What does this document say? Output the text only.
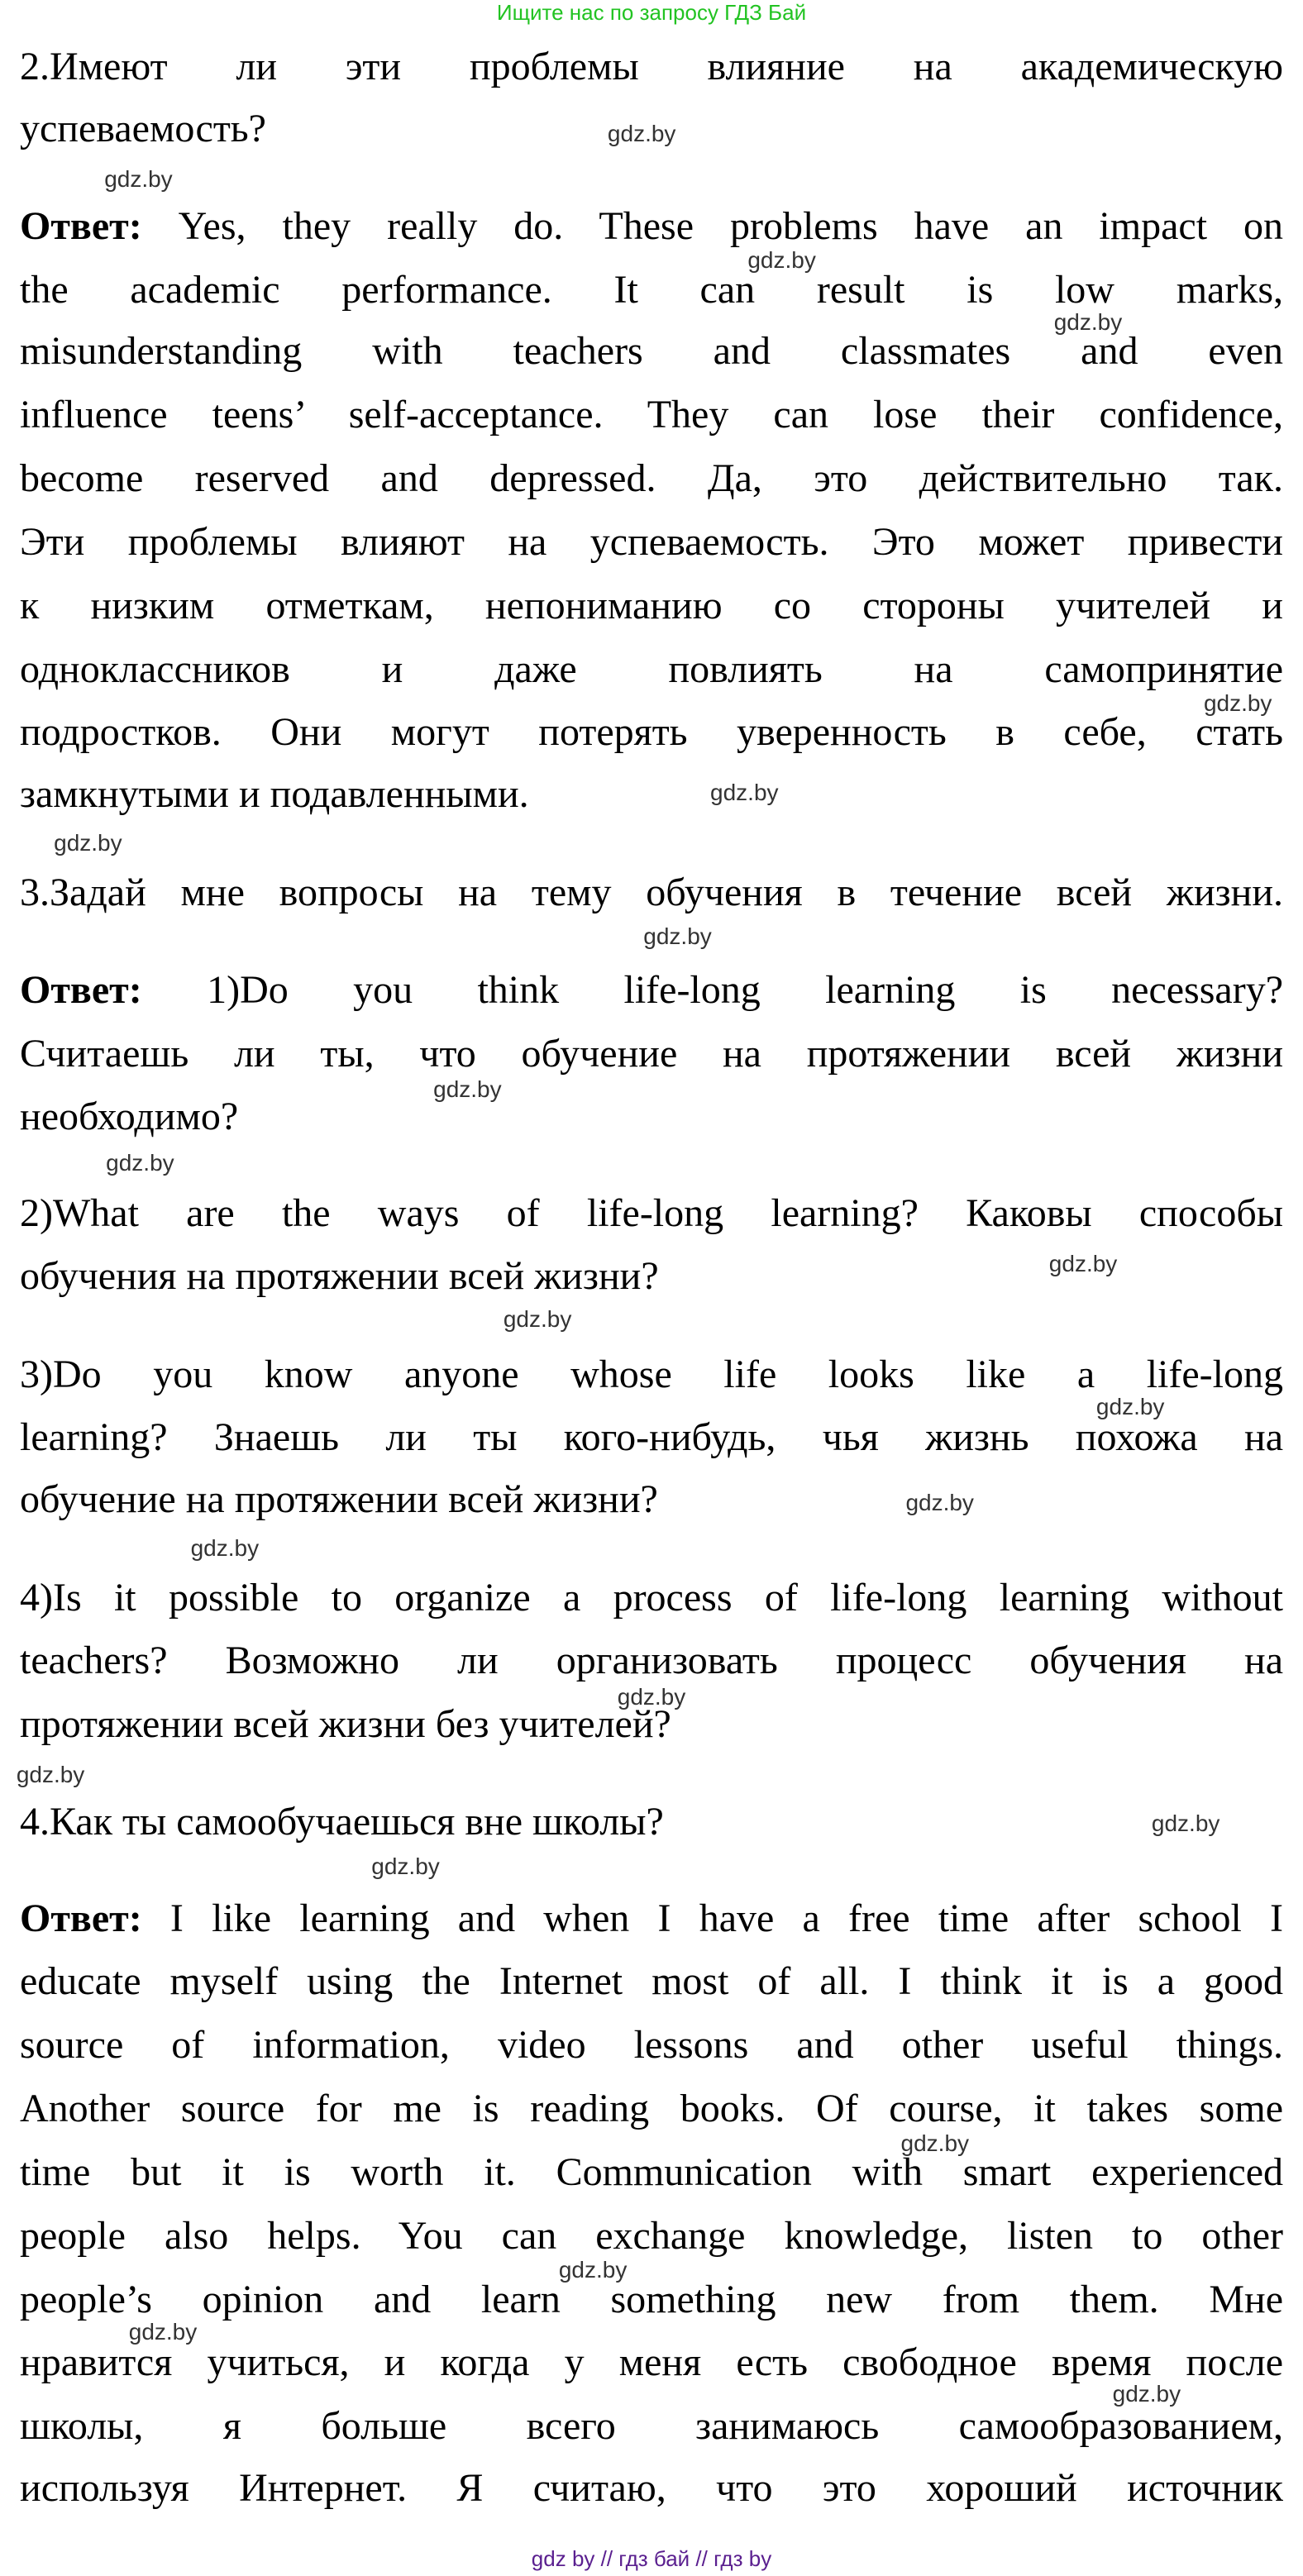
Ищите нас по запросу ГДЗ Бай
2.Имеют ли эти проблемы влияние на академическую
успеваемость?
Ответ: Yes, they really do. These problems have an impact on
the academic performance. It can result is low marks,
misunderstanding with teachers and classmates and even
influence teens’ self-acceptance. They can lose their confidence,
become reserved and depressed. Да, это действительно так.
Эти проблемы влияют на успеваемость. Это может привести
к низким отметкам, непониманию со стороны учителей и
одноклассников и даже повлиять на самопринятие
подростков. Они могут потерять уверенность в себе, стать
замкнутыми и подавленными.
3.Задай мне вопросы на тему обучения в течение всей жизни.
Ответ: 1)Do you think life-long learning is necessary?
Считаешь ли ты, что обучение на протяжении всей жизни
необходимо?
2)What are the ways of life-long learning? Каковы способы
обучения на протяжении всей жизни?
3)Do you know anyone whose life looks like a life-long
learning? Знаешь ли ты кого-нибудь, чья жизнь похожа на
обучение на протяжении всей жизни?
4)Is it possible to organize a process of life-long learning without
teachers? Возможно ли организовать процесс обучения на
протяжении всей жизни без учителей?
4.Как ты самообучаешься вне школы?
Ответ: I like learning and when I have a free time after school I
educate myself using the Internet most of all. I think it is a good
source of information, video lessons and other useful things.
Another source for me is reading books. Of course, it takes some
time but it is worth it. Communication with smart experienced
people also helps. You can exchange knowledge, listen to other
people’s opinion and learn something new from them. Мне
нравится учиться, и когда у меня есть свободное время после
школы, я больше всего занимаюсь самообразованием,
используя Интернет. Я считаю, что это хороший источник
gdz.by
gdz.by
gdz.by
gdz.by
gdz.by
gdz.by
gdz.by
gdz.by
gdz.by
gdz.by
gdz.by
gdz.by
gdz.by
gdz.by
gdz.by
gdz.by
gdz.by
gdz.by
gdz.by
gdz.by
gdz.by
gdz.by
gdz.by
gdz by // гдз бай // гдз by
